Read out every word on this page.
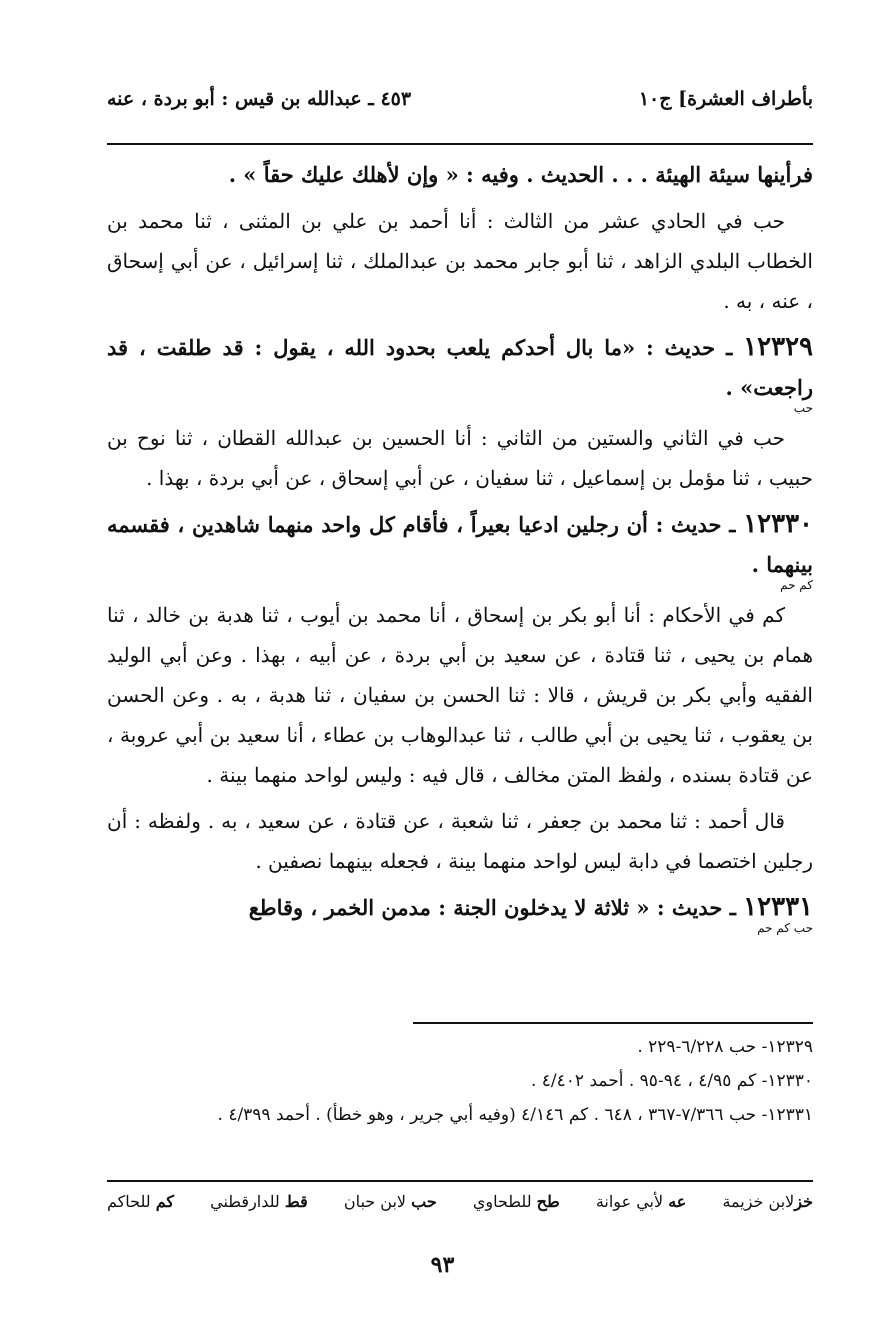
بأطراف العشرة] ج١٠
٤٥٣ ـ عبدالله بن قيس : أبو بردة ، عنه

فرأينها سيئة الهيئة . . . الحديث . وفيه : « وإن لأهلك عليك حقاً » .

حب في الحادي عشر من الثالث : أنا أحمد بن علي بن المثنى ، ثنا محمد بن الخطاب البلدي الزاهد ، ثنا أبو جابر محمد بن عبدالملك ، ثنا إسرائيل ، عن أبي إسحاق ، عنه ، به .

١٢٣٢٩ ـ حديث : «ما بال أحدكم يلعب بحدود الله ، يقول : قد طلقت ، قد راجعت» .
حب

حب في الثاني والستين من الثاني : أنا الحسين بن عبدالله القطان ، ثنا نوح بن حبيب ، ثنا مؤمل بن إسماعيل ، ثنا سفيان ، عن أبي إسحاق ، عن أبي بردة ، بهذا .

١٢٣٣٠ ـ حديث : أن رجلين ادعيا بعيراً ، فأقام كل واحد منهما شاهدين ، فقسمه بينهما .
كم حم

كم في الأحكام : أنا أبو بكر بن إسحاق ، أنا محمد بن أيوب ، ثنا هدبة بن خالد ، ثنا همام بن يحيى ، ثنا قتادة ، عن سعيد بن أبي بردة ، عن أبيه ، بهذا . وعن أبي الوليد الفقيه وأبي بكر بن قريش ، قالا : ثنا الحسن بن سفيان ، ثنا هدبة ، به . وعن الحسن بن يعقوب ، ثنا يحيى بن أبي طالب ، ثنا عبدالوهاب بن عطاء ، أنا سعيد بن أبي عروبة ، عن قتادة بسنده ، ولفظ المتن مخالف ، قال فيه : وليس لواحد منهما بينة .

قال أحمد : ثنا محمد بن جعفر ، ثنا شعبة ، عن قتادة ، عن سعيد ، به . ولفظه : أن رجلين اختصما في دابة ليس لواحد منهما بينة ، فجعله بينهما نصفين .

١٢٣٣١ ـ حديث : « ثلاثة لا يدخلون الجنة : مدمن الخمر ، وقاطع
حب كم حم

١٢٣٢٩- حب ٦/٢٢٨-٢٢٩ .

١٢٣٣٠- كم ٤/٩٥ ، ٩٤-٩٥ . أحمد ٤/٤٠٢ .

١٢٣٣١- حب ٧/٣٦٦-٣٦٧ ، ٦٤٨ . كم ٤/١٤٦ (وفيه أبي جرير ، وهو خطأ) . أحمد ٤/٣٩٩ .

خزلابن خزيمة
عه لأبي عوانة
طح للطحاوي
حب لابن حبان
قط للدارقطني
كم للحاكم
٩٣
